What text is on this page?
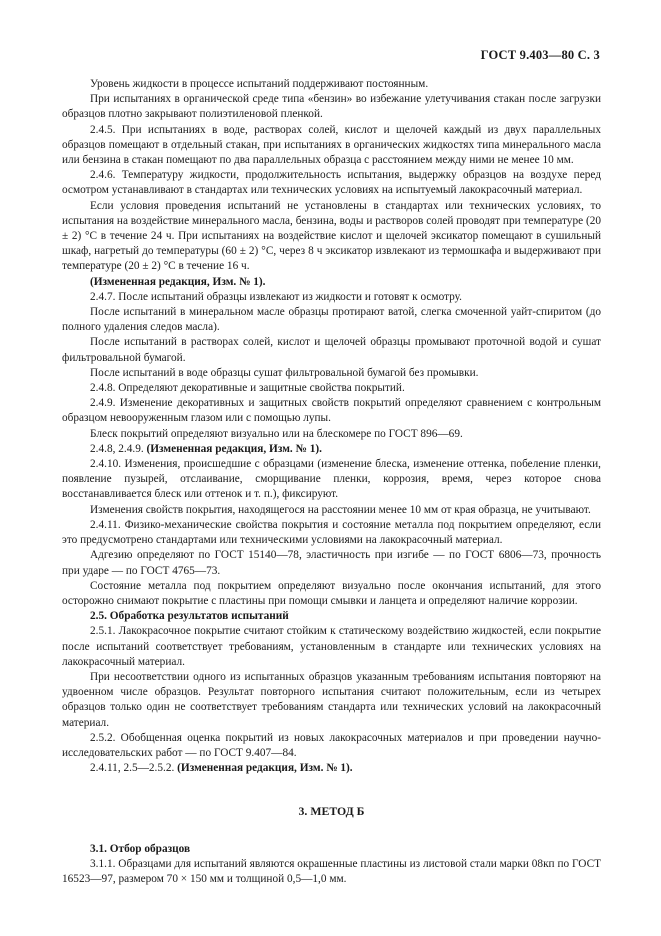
ГОСТ 9.403—80 С. 3

Уровень жидкости в процессе испытаний поддерживают постоянным.

При испытаниях в органической среде типа «бензин» во избежание улетучивания стакан после загрузки образцов плотно закрывают полиэтиленовой пленкой.

2.4.5. При испытаниях в воде, растворах солей, кислот и щелочей каждый из двух параллельных образцов помещают в отдельный стакан, при испытаниях в органических жидкостях типа минерального масла или бензина в стакан помещают по два параллельных образца с расстоянием между ними не менее 10 мм.

2.4.6. Температуру жидкости, продолжительность испытания, выдержку образцов на воздухе перед осмотром устанавливают в стандартах или технических условиях на испытуемый лакокрасочный материал.

Если условия проведения испытаний не установлены в стандартах или технических условиях, то испытания на воздействие минерального масла, бензина, воды и растворов солей проводят при температуре (20 ± 2) °С в течение 24 ч. При испытаниях на воздействие кислот и щелочей эксикатор помещают в сушильный шкаф, нагретый до температуры (60 ± 2) °С, через 8 ч эксикатор извлекают из термошкафа и выдерживают при температуре (20 ± 2) °С в течение 16 ч.

(Измененная редакция, Изм. № 1).

2.4.7. После испытаний образцы извлекают из жидкости и готовят к осмотру.

После испытаний в минеральном масле образцы протирают ватой, слегка смоченной уайт-спиритом (до полного удаления следов масла).

После испытаний в растворах солей, кислот и щелочей образцы промывают проточной водой и сушат фильтровальной бумагой.

После испытаний в воде образцы сушат фильтровальной бумагой без промывки.

2.4.8. Определяют декоративные и защитные свойства покрытий.

2.4.9. Изменение декоративных и защитных свойств покрытий определяют сравнением с контрольным образцом невооруженным глазом или с помощью лупы.

Блеск покрытий определяют визуально или на блескомере по ГОСТ 896—69.

2.4.8, 2.4.9. (Измененная редакция, Изм. № 1).

2.4.10. Изменения, происшедшие с образцами (изменение блеска, изменение оттенка, побеление пленки, появление пузырей, отслаивание, сморщивание пленки, коррозия, время, через которое снова восстанавливается блеск или оттенок и т. п.), фиксируют.

Изменения свойств покрытия, находящегося на расстоянии менее 10 мм от края образца, не учитывают.

2.4.11. Физико-механические свойства покрытия и состояние металла под покрытием определяют, если это предусмотрено стандартами или техническими условиями на лакокрасочный материал.

Адгезию определяют по ГОСТ 15140—78, эластичность при изгибе — по ГОСТ 6806—73, прочность при ударе — по ГОСТ 4765—73.

Состояние металла под покрытием определяют визуально после окончания испытаний, для этого осторожно снимают покрытие с пластины при помощи смывки и ланцета и определяют наличие коррозии.

2.5. Обработка результатов испытаний

2.5.1. Лакокрасочное покрытие считают стойким к статическому воздействию жидкостей, если покрытие после испытаний соответствует требованиям, установленным в стандарте или технических условиях на лакокрасочный материал.

При несоответствии одного из испытанных образцов указанным требованиям испытания повторяют на удвоенном числе образцов. Результат повторного испытания считают положительным, если из четырех образцов только один не соответствует требованиям стандарта или технических условий на лакокрасочный материал.

2.5.2. Обобщенная оценка покрытий из новых лакокрасочных материалов и при проведении научно-исследовательских работ — по ГОСТ 9.407—84.

2.4.11, 2.5—2.5.2. (Измененная редакция, Изм. № 1).

3. МЕТОД Б

3.1. Отбор образцов

3.1.1. Образцами для испытаний являются окрашенные пластины из листовой стали марки 08кп по ГОСТ 16523—97, размером 70 × 150 мм и толщиной 0,5—1,0 мм.
